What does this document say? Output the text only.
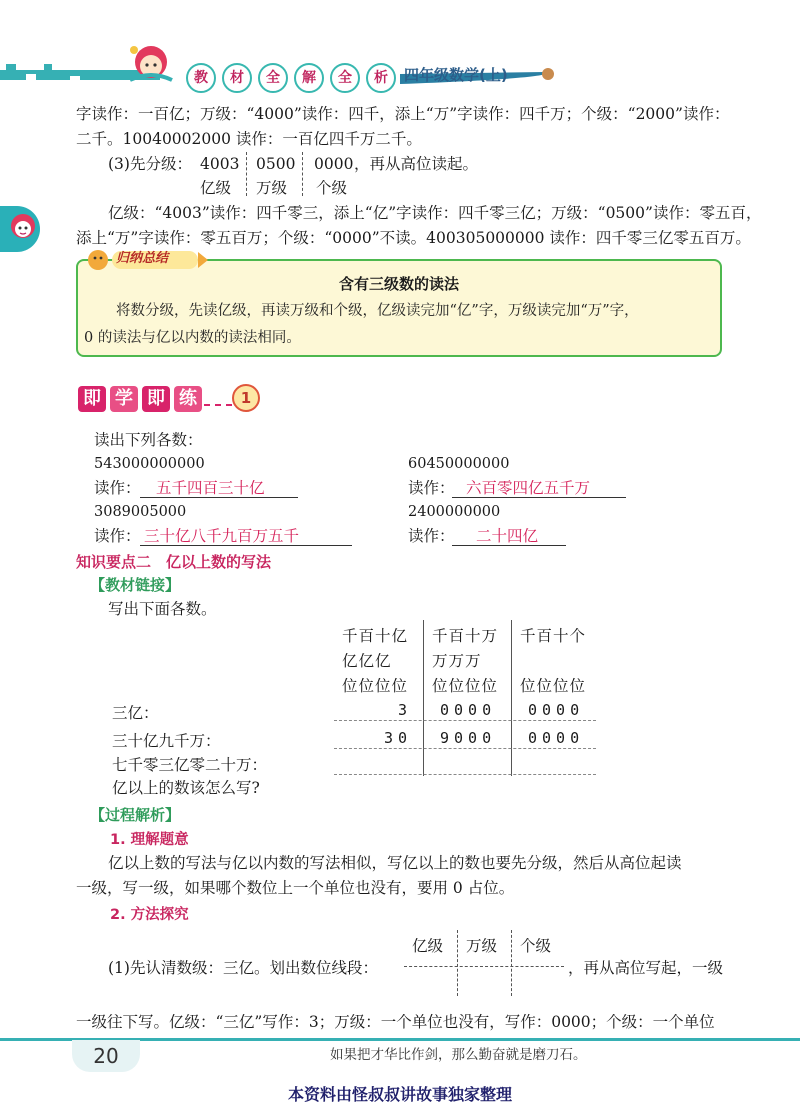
教	材	全	解	全	析	四年级数学(上)
字读作：一百亿；万级：“4000”读作：四千，添上“万”字读作：四千万；个级：“2000”读作：
二千。10040002000 读作：一百亿四千万二千。
(3)先分级： 4003 0500 0000 ，再从高位读起。
亿级 万级 个级
亿级：“4003”读作：四千零三，添上“亿”字读作：四千零三亿；万级：“0500”读作：零五百，
添上“万”字读作：零五百万；个级：“0000”不读。400305000000 读作：四千零三亿零五百万。
归纳总结
含有三级数的读法
将数分级，先读亿级，再读万级和个级，亿级读完加“亿”字，万级读完加“万”字，
0 的读法与亿以内数的读法相同。
即 学 即 练	1
读出下列各数：
543000000000
读作： 五千四百三十亿
60450000000
读作： 六百零四亿五千万
3089005000
读作： 三十亿八千九百万五千
2400000000
读作： 二十四亿
知识要点二　亿以上数的写法
【教材链接】
写出下面各数。
千百十亿
亿亿亿
位位位位
千百十万
万万万
位位位位
千百十个
位位位位
三亿：	3 0000 0000
三十亿九千万：	30 9000 0000
七千零三亿零二十万：
亿以上的数该怎么写?
【过程解析】
1. 理解题意
亿以上数的写法与亿以内数的写法相似，写亿以上的数也要先分级，然后从高位起读
一级，写一级，如果哪个数位上一个单位也没有，要用 0 占位。
2. 方法探究
亿级 万级 个级
(1)先认清数级：三亿。划出数位线段：	，再从高位写起，一级
一级往下写。亿级：“三亿”写作：3；万级：一个单位也没有，写作：0000；个级：一个单位
20	如果把才华比作剑，那么勤奋就是磨刀石。
本资料由怪叔叔讲故事独家整理
